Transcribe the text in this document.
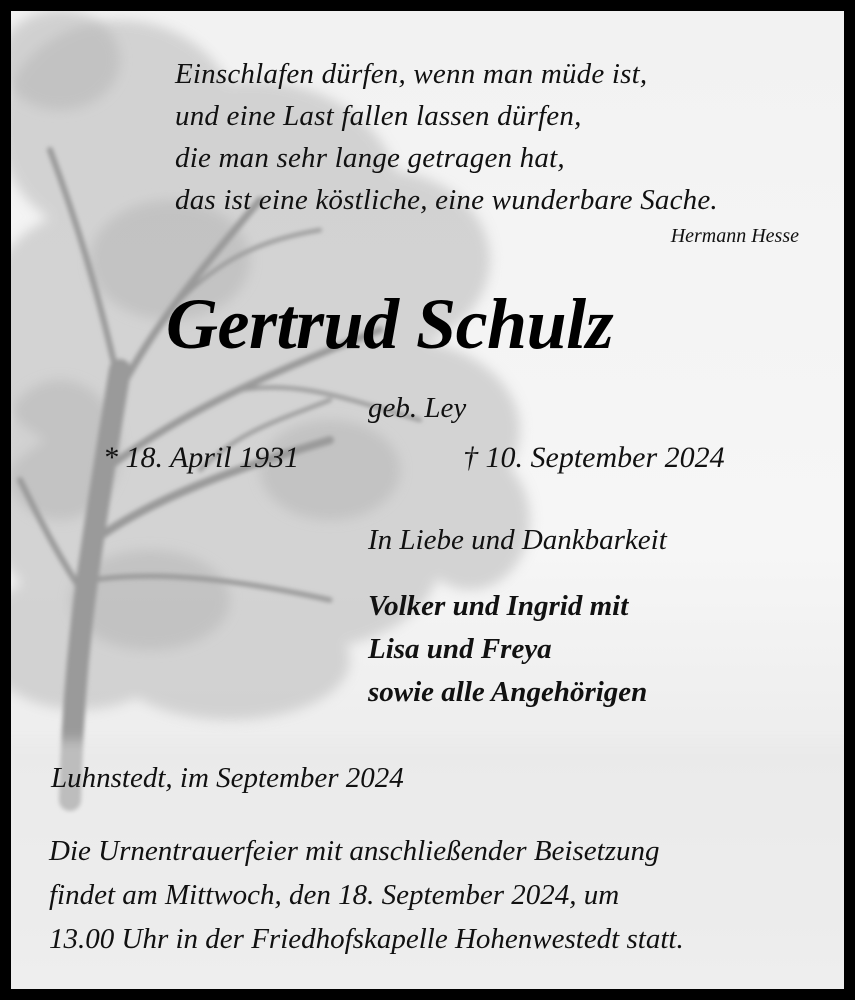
Einschlafen dürfen, wenn man müde ist,
und eine Last fallen lassen dürfen,
die man sehr lange getragen hat,
das ist eine köstliche, eine wunderbare Sache.
Hermann Hesse
Gertrud Schulz
geb. Ley
* 18. April 1931	† 10. September 2024
In Liebe und Dankbarkeit
Volker und Ingrid mit
Lisa und Freya
sowie alle Angehörigen
Luhnstedt, im September 2024
Die Urnentrauerfeier mit anschließender Beisetzung
findet am Mittwoch, den 18. September 2024, um
13.00 Uhr in der Friedhofskapelle Hohenwestedt statt.
